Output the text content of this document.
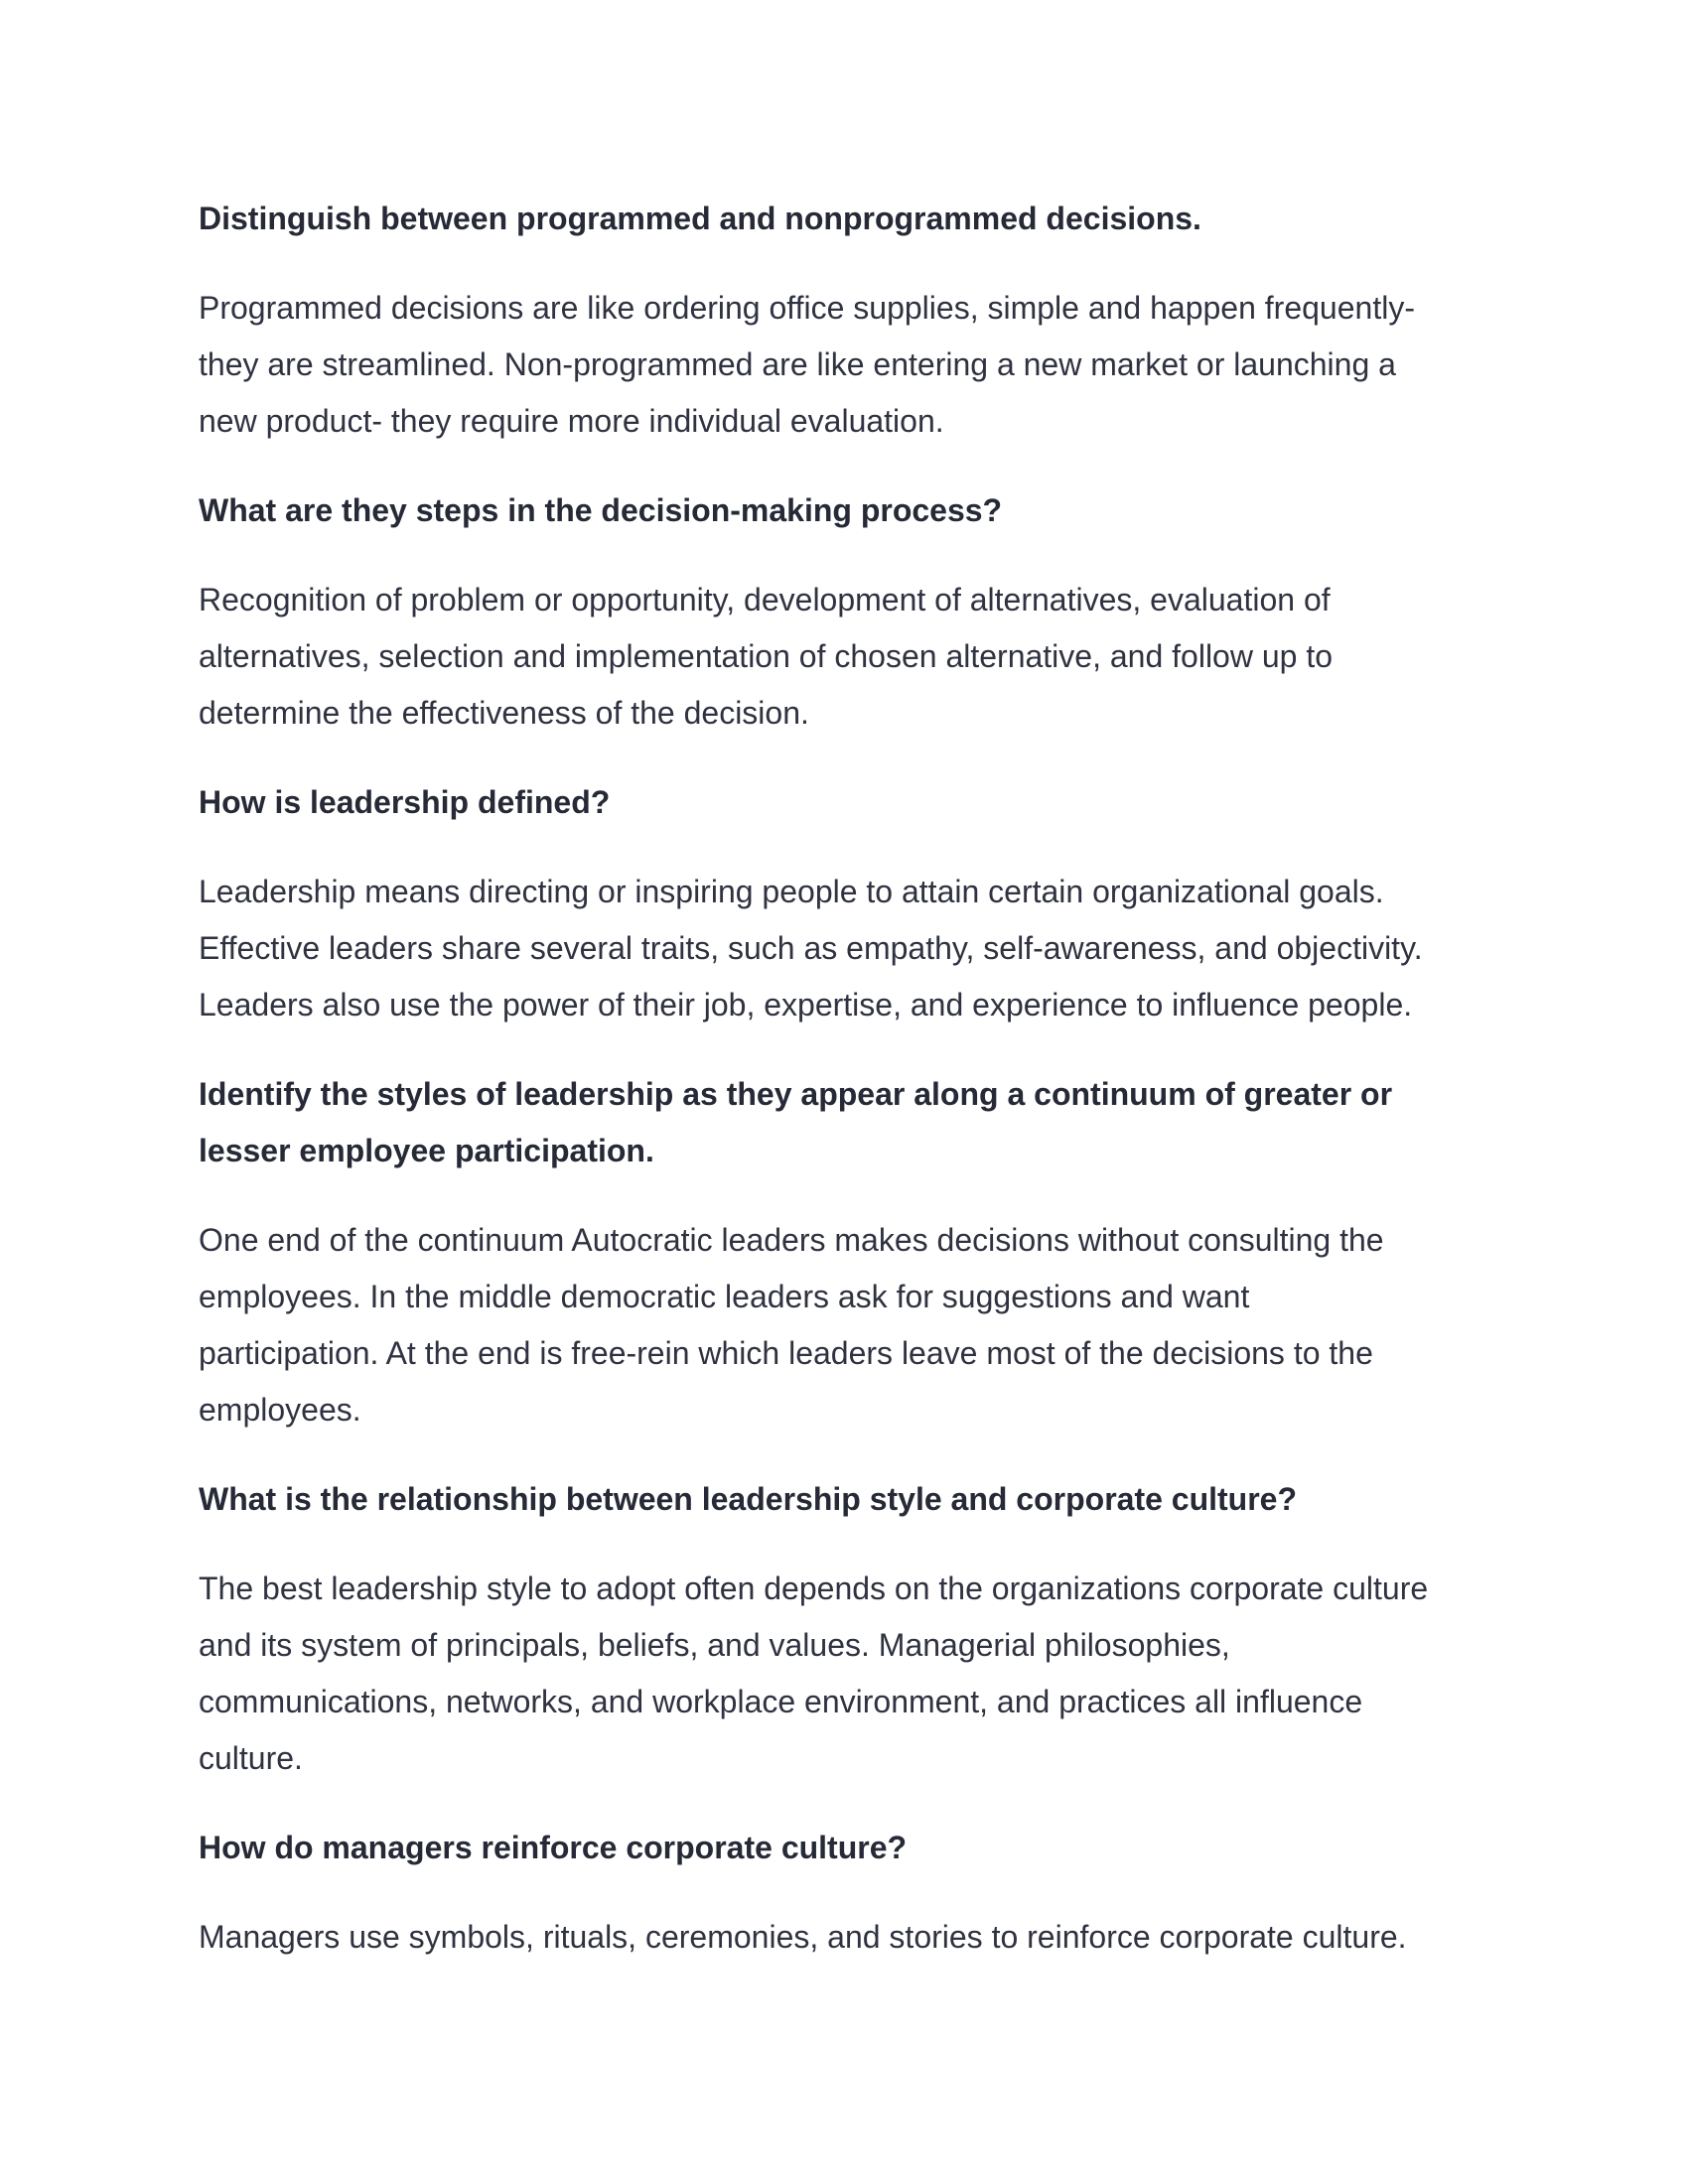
Distinguish between programmed and nonprogrammed decisions.

Programmed decisions are like ordering office supplies, simple and happen frequently-
they are streamlined. Non-programmed are like entering a new market or launching a
new product- they require more individual evaluation.

What are they steps in the decision-making process?

Recognition of problem or opportunity, development of alternatives, evaluation of
alternatives, selection and implementation of chosen alternative, and follow up to
determine the effectiveness of the decision.

How is leadership defined?

Leadership means directing or inspiring people to attain certain organizational goals.
Effective leaders share several traits, such as empathy, self-awareness, and objectivity.
Leaders also use the power of their job, expertise, and experience to influence people.

Identify the styles of leadership as they appear along a continuum of greater or
lesser employee participation.

One end of the continuum Autocratic leaders makes decisions without consulting the
employees. In the middle democratic leaders ask for suggestions and want
participation. At the end is free-rein which leaders leave most of the decisions to the
employees.

What is the relationship between leadership style and corporate culture?

The best leadership style to adopt often depends on the organizations corporate culture
and its system of principals, beliefs, and values. Managerial philosophies,
communications, networks, and workplace environment, and practices all influence
culture.

How do managers reinforce corporate culture?

Managers use symbols, rituals, ceremonies, and stories to reinforce corporate culture.
